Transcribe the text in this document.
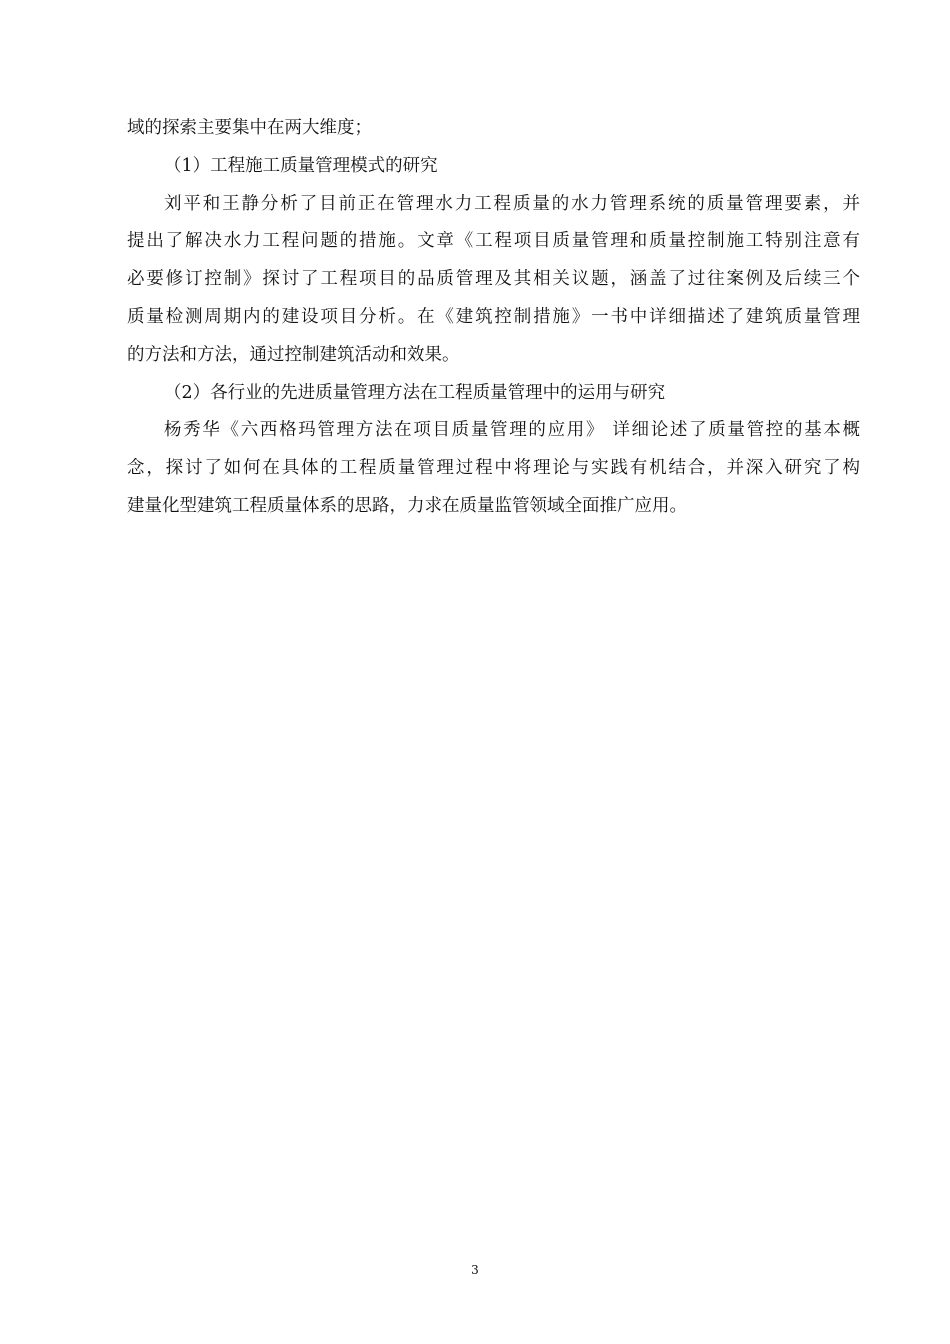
域的探索主要集中在两大维度；
（1）工程施工质量管理模式的研究
刘平和王静分析了目前正在管理水力工程质量的水力管理系统的质量管理要素，并
提出了解决水力工程问题的措施。文章《工程项目质量管理和质量控制施工特别注意有
必要修订控制》探讨了工程项目的品质管理及其相关议题，涵盖了过往案例及后续三个
质量检测周期内的建设项目分析。在《建筑控制措施》一书中详细描述了建筑质量管理
的方法和方法，通过控制建筑活动和效果。
（2）各行业的先进质量管理方法在工程质量管理中的运用与研究
杨秀华《六西格玛管理方法在项目质量管理的应用》 详细论述了质量管控的基本概
念，探讨了如何在具体的工程质量管理过程中将理论与实践有机结合，并深入研究了构
建量化型建筑工程质量体系的思路，力求在质量监管领域全面推广应用。
3
